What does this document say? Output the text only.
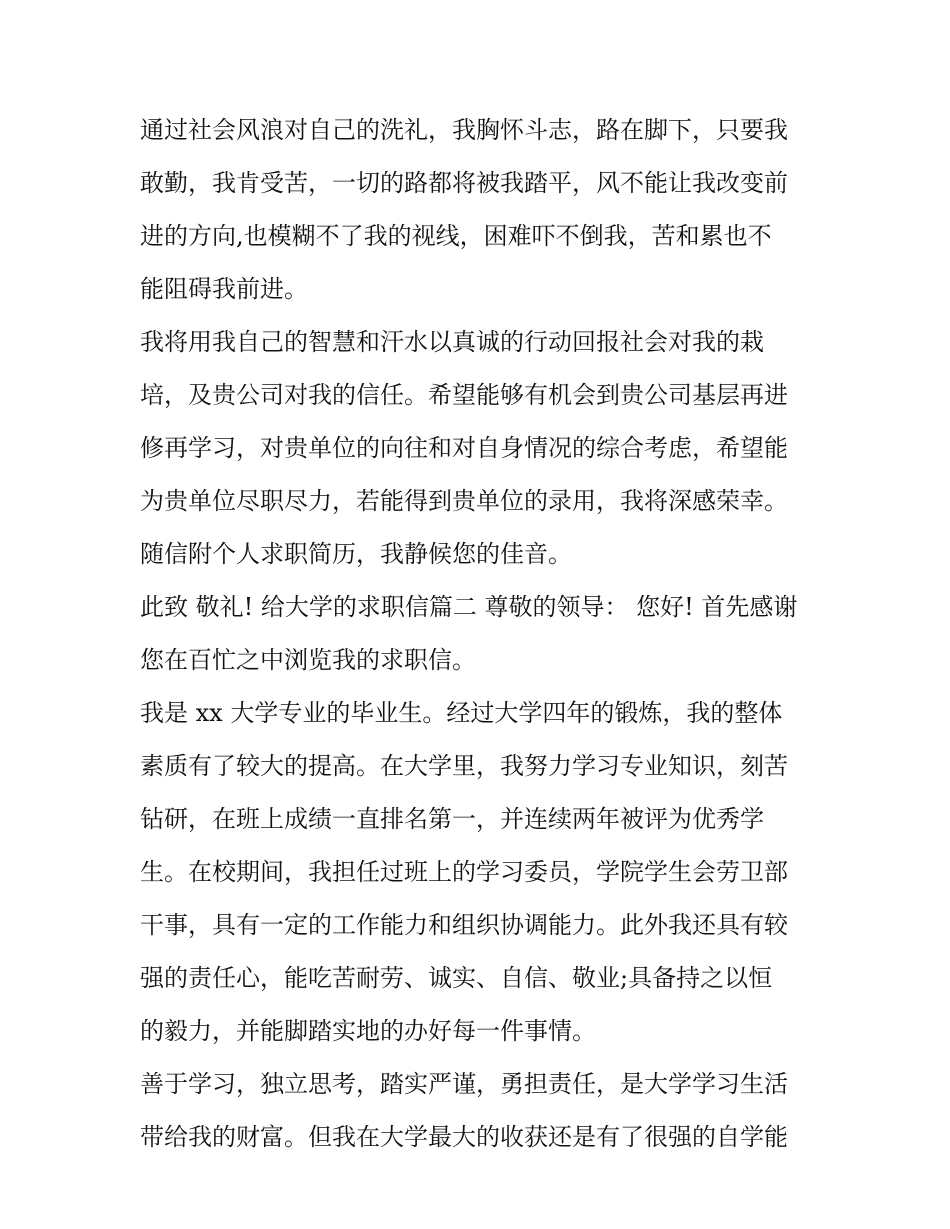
通过社会风浪对自己的洗礼，我胸怀斗志，路在脚下，只要我
敢勤，我肯受苦，一切的路都将被我踏平，风不能让我改变前
进的方向,也模糊不了我的视线，困难吓不倒我，苦和累也不
能阻碍我前进。
我将用我自己的智慧和汗水以真诚的行动回报社会对我的栽
培，及贵公司对我的信任。希望能够有机会到贵公司基层再进
修再学习，对贵单位的向往和对自身情况的综合考虑，希望能
为贵单位尽职尽力，若能得到贵单位的录用，我将深感荣幸。
随信附个人求职简历，我静候您的佳音。
此致 敬礼! 给大学的求职信篇二 尊敬的领导： 您好! 首先感谢
您在百忙之中浏览我的求职信。
我是 xx 大学专业的毕业生。经过大学四年的锻炼，我的整体
素质有了较大的提高。在大学里，我努力学习专业知识，刻苦
钻研，在班上成绩一直排名第一，并连续两年被评为优秀学
生。在校期间，我担任过班上的学习委员，学院学生会劳卫部
干事，具有一定的工作能力和组织协调能力。此外我还具有较
强的责任心，能吃苦耐劳、诚实、自信、敬业;具备持之以恒
的毅力，并能脚踏实地的办好每一件事情。
善于学习，独立思考，踏实严谨，勇担责任，是大学学习生活
带给我的财富。但我在大学最大的收获还是有了很强的自学能
